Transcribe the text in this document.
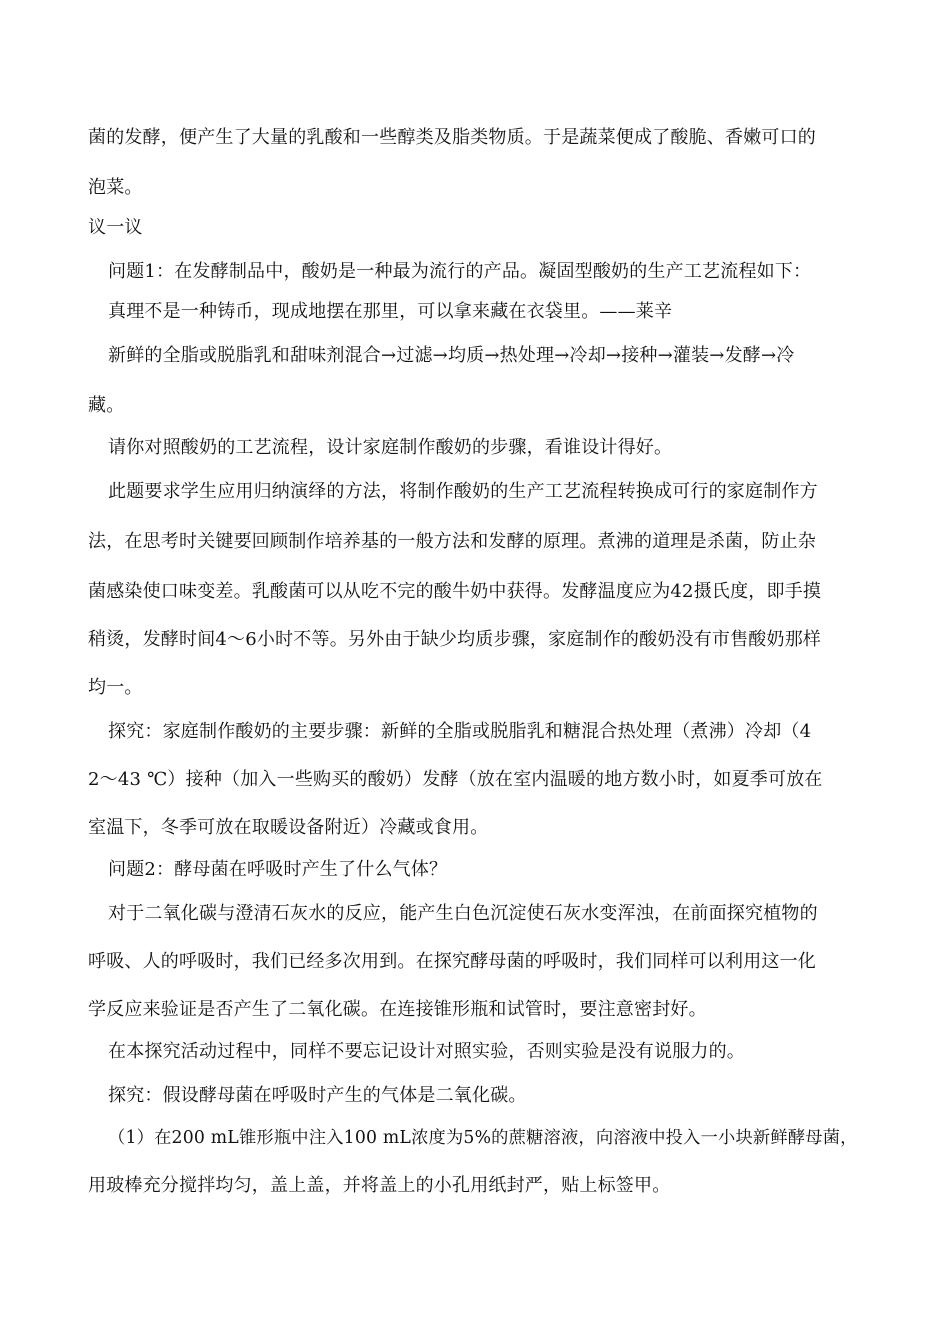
菌的发酵，便产生了大量的乳酸和一些醇类及脂类物质。于是蔬菜便成了酸脆、香嫩可口的
泡菜。
议一议
问题1：在发酵制品中，酸奶是一种最为流行的产品。凝固型酸奶的生产工艺流程如下：
真理不是一种铸币，现成地摆在那里，可以拿来藏在衣袋里。——莱辛
新鲜的全脂或脱脂乳和甜味剂混合→过滤→均质→热处理→冷却→接种→灌装→发酵→冷
藏。
请你对照酸奶的工艺流程，设计家庭制作酸奶的步骤，看谁设计得好。
此题要求学生应用归纳演绎的方法，将制作酸奶的生产工艺流程转换成可行的家庭制作方
法，在思考时关键要回顾制作培养基的一般方法和发酵的原理。煮沸的道理是杀菌，防止杂
菌感染使口味变差。乳酸菌可以从吃不完的酸牛奶中获得。发酵温度应为42摄氏度，即手摸
稍烫，发酵时间4～6小时不等。另外由于缺少均质步骤，家庭制作的酸奶没有市售酸奶那样
均一。
探究：家庭制作酸奶的主要步骤：新鲜的全脂或脱脂乳和糖混合热处理（煮沸）冷却（4
2～43 ℃）接种（加入一些购买的酸奶）发酵（放在室内温暖的地方数小时，如夏季可放在
室温下，冬季可放在取暖设备附近）冷藏或食用。
问题2：酵母菌在呼吸时产生了什么气体？
对于二氧化碳与澄清石灰水的反应，能产生白色沉淀使石灰水变浑浊，在前面探究植物的
呼吸、人的呼吸时，我们已经多次用到。在探究酵母菌的呼吸时，我们同样可以利用这一化
学反应来验证是否产生了二氧化碳。在连接锥形瓶和试管时，要注意密封好。
在本探究活动过程中，同样不要忘记设计对照实验，否则实验是没有说服力的。
探究：假设酵母菌在呼吸时产生的气体是二氧化碳。
（1）在200 mL锥形瓶中注入100 mL浓度为5%的蔗糖溶液，向溶液中投入一小块新鲜酵母菌，
用玻棒充分搅拌均匀，盖上盖，并将盖上的小孔用纸封严，贴上标签甲。
